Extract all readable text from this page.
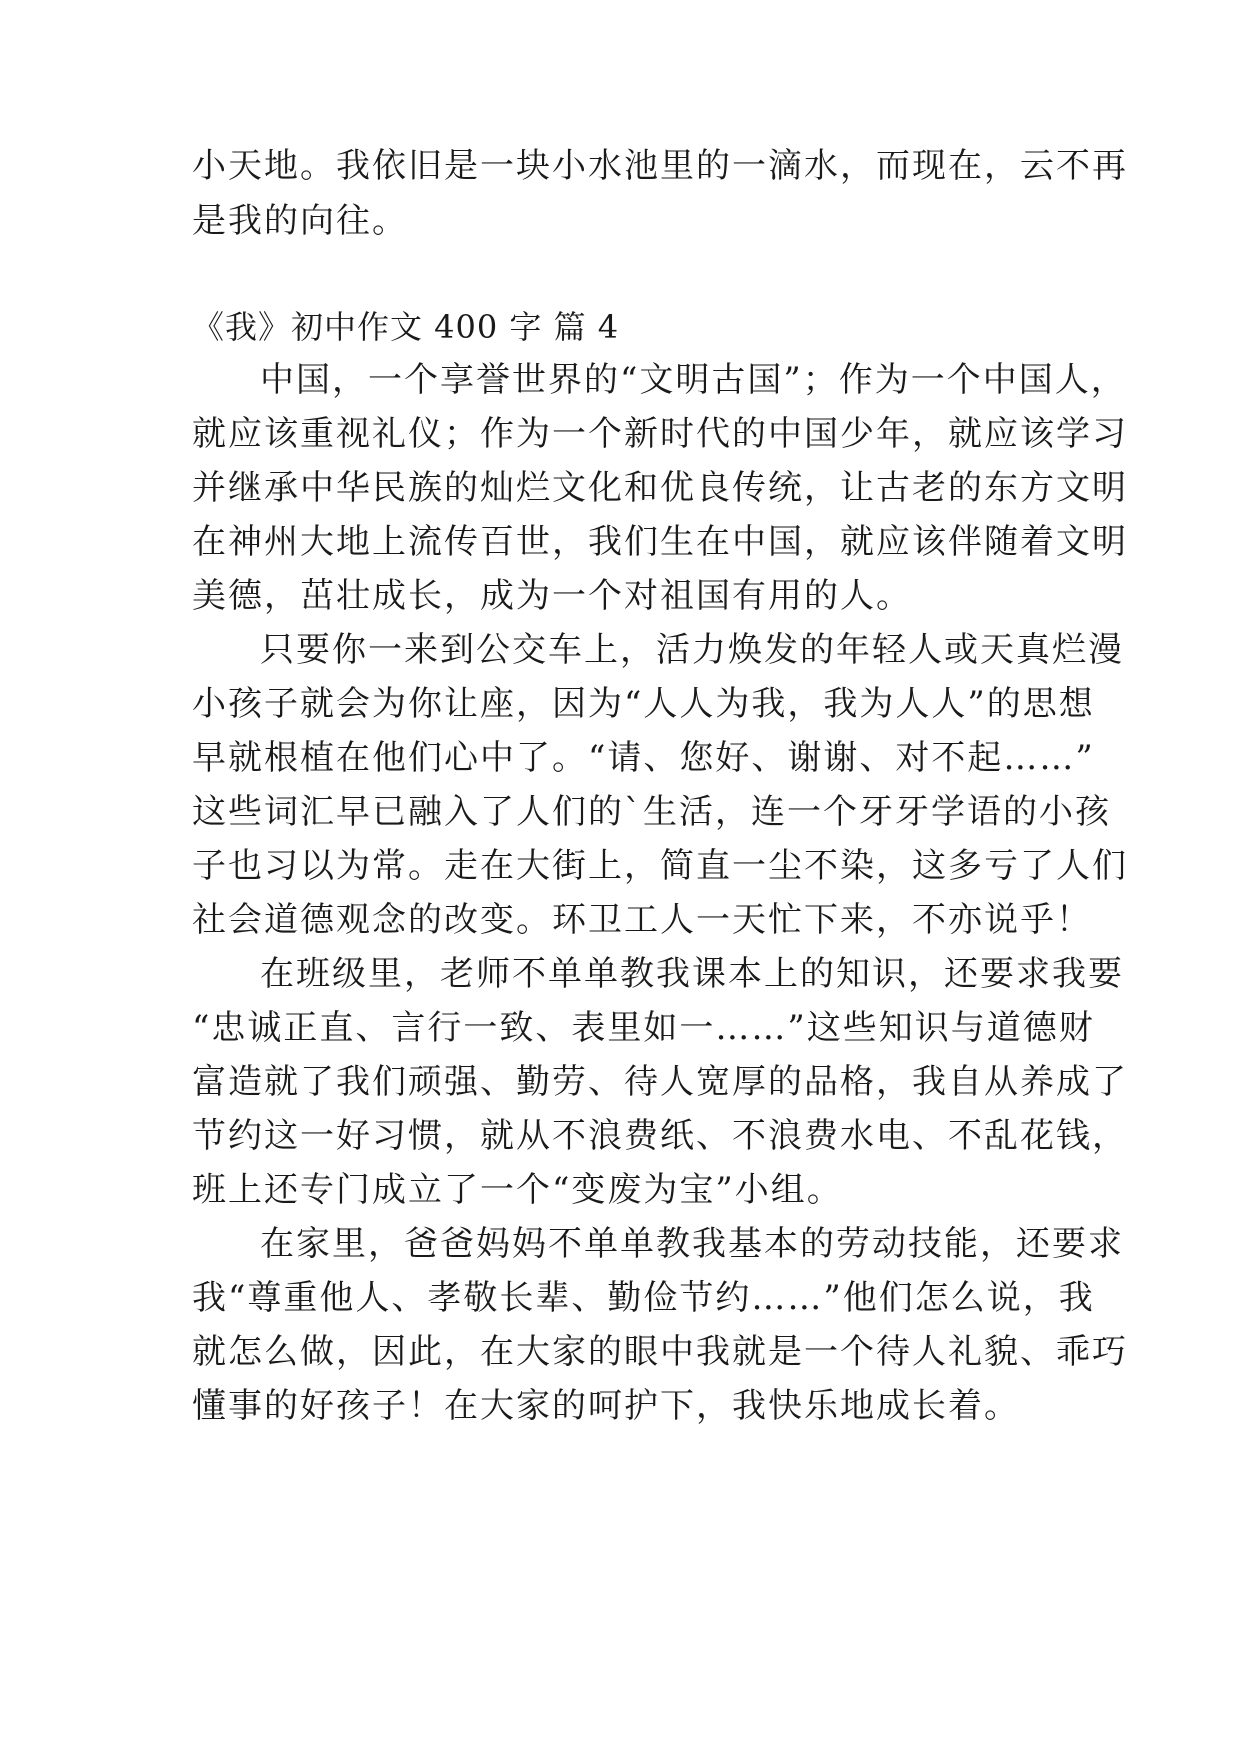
小天地。我依旧是一块小水池里的一滴水，而现在，云不再
是我的向往。
《我》初中作文 400 字 篇 4
中国，一个享誉世界的“文明古国”；作为一个中国人，
就应该重视礼仪；作为一个新时代的中国少年，就应该学习
并继承中华民族的灿烂文化和优良传统，让古老的东方文明
在神州大地上流传百世，我们生在中国，就应该伴随着文明
美德，茁壮成长，成为一个对祖国有用的人。
只要你一来到公交车上，活力焕发的年轻人或天真烂漫
小孩子就会为你让座，因为“人人为我，我为人人”的思想
早就根植在他们心中了。“请、您好、谢谢、对不起……”
这些词汇早已融入了人们的`生活，连一个牙牙学语的小孩
子也习以为常。走在大街上，简直一尘不染，这多亏了人们
社会道德观念的改变。环卫工人一天忙下来，不亦说乎！
在班级里，老师不单单教我课本上的知识，还要求我要
“忠诚正直、言行一致、表里如一……”这些知识与道德财
富造就了我们顽强、勤劳、待人宽厚的品格，我自从养成了
节约这一好习惯，就从不浪费纸、不浪费水电、不乱花钱，
班上还专门成立了一个“变废为宝”小组。
在家里，爸爸妈妈不单单教我基本的劳动技能，还要求
我“尊重他人、孝敬长辈、勤俭节约……”他们怎么说，我
就怎么做，因此，在大家的眼中我就是一个待人礼貌、乖巧
懂事的好孩子！在大家的呵护下，我快乐地成长着。
